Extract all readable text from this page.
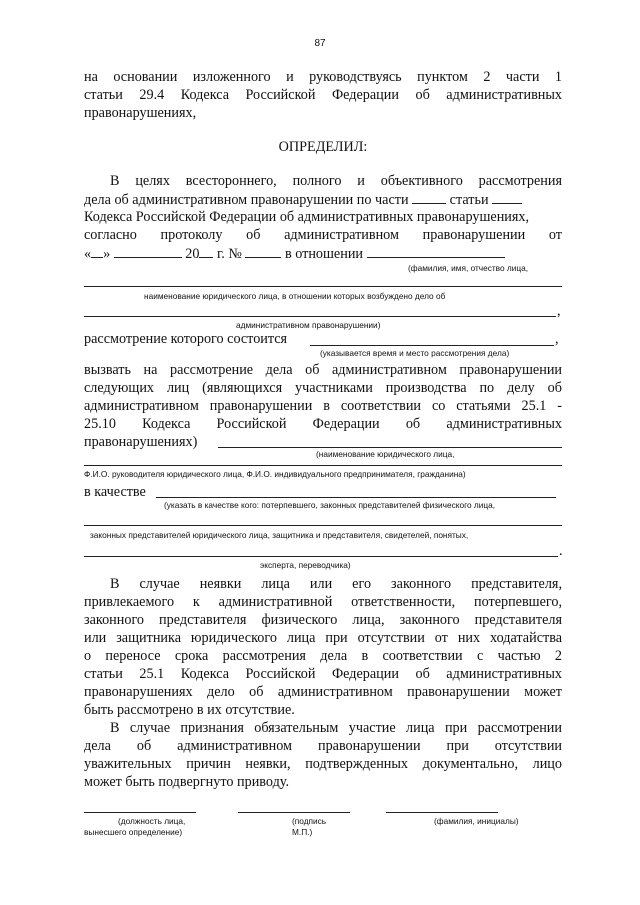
87
на основании изложенного и руководствуясь пунктом 2 части 1
статьи 29.4 Кодекса Российской Федерации об административных
правонарушениях,
ОПРЕДЕЛИЛ:
В целях всестороннего, полного и объективного рассмотрения
дела об административном правонарушении по части	статьи
Кодекса Российской Федерации об административных правонарушениях,
согласно протоколу об административном правонарушении от
« »	20 г. №	в отношении
(фамилия, имя, отчество лица,
наименование юридического лица, в отношении которых возбуждено дело об
,
административном правонарушении)
рассмотрение которого состоится	,
(указывается время и место рассмотрения дела)
вызвать на рассмотрение дела об административном правонарушении
следующих лиц (являющихся участниками производства по делу об
административном правонарушении в соответствии со статьями 25.1 -
25.10 Кодекса Российской Федерации об административных
правонарушениях)
(наименование юридического лица,
Ф.И.О. руководителя юридического лица, Ф.И.О. индивидуального предпринимателя, гражданина)
в качестве
(указать в качестве кого: потерпевшего, законных представителей физического лица,
законных представителей юридического лица, защитника и представителя, свидетелей, понятых,
.
эксперта, переводчика)
В случае неявки лица или его законного представителя,
привлекаемого к административной ответственности, потерпевшего,
законного представителя физического лица, законного представителя
или защитника юридического лица при отсутствии от них ходатайства
о переносе срока рассмотрения дела в соответствии с частью 2
статьи 25.1 Кодекса Российской Федерации об административных
правонарушениях дело об административном правонарушении может
быть рассмотрено в их отсутствие.
В случае признания обязательным участие лица при рассмотрении
дела об административном правонарушении при отсутствии
уважительных причин неявки, подтвержденных документально, лицо
может быть подвергнуто приводу.
(должность лица,
вынесшего определение)
(подпись
М.П.)
(фамилия, инициалы)
